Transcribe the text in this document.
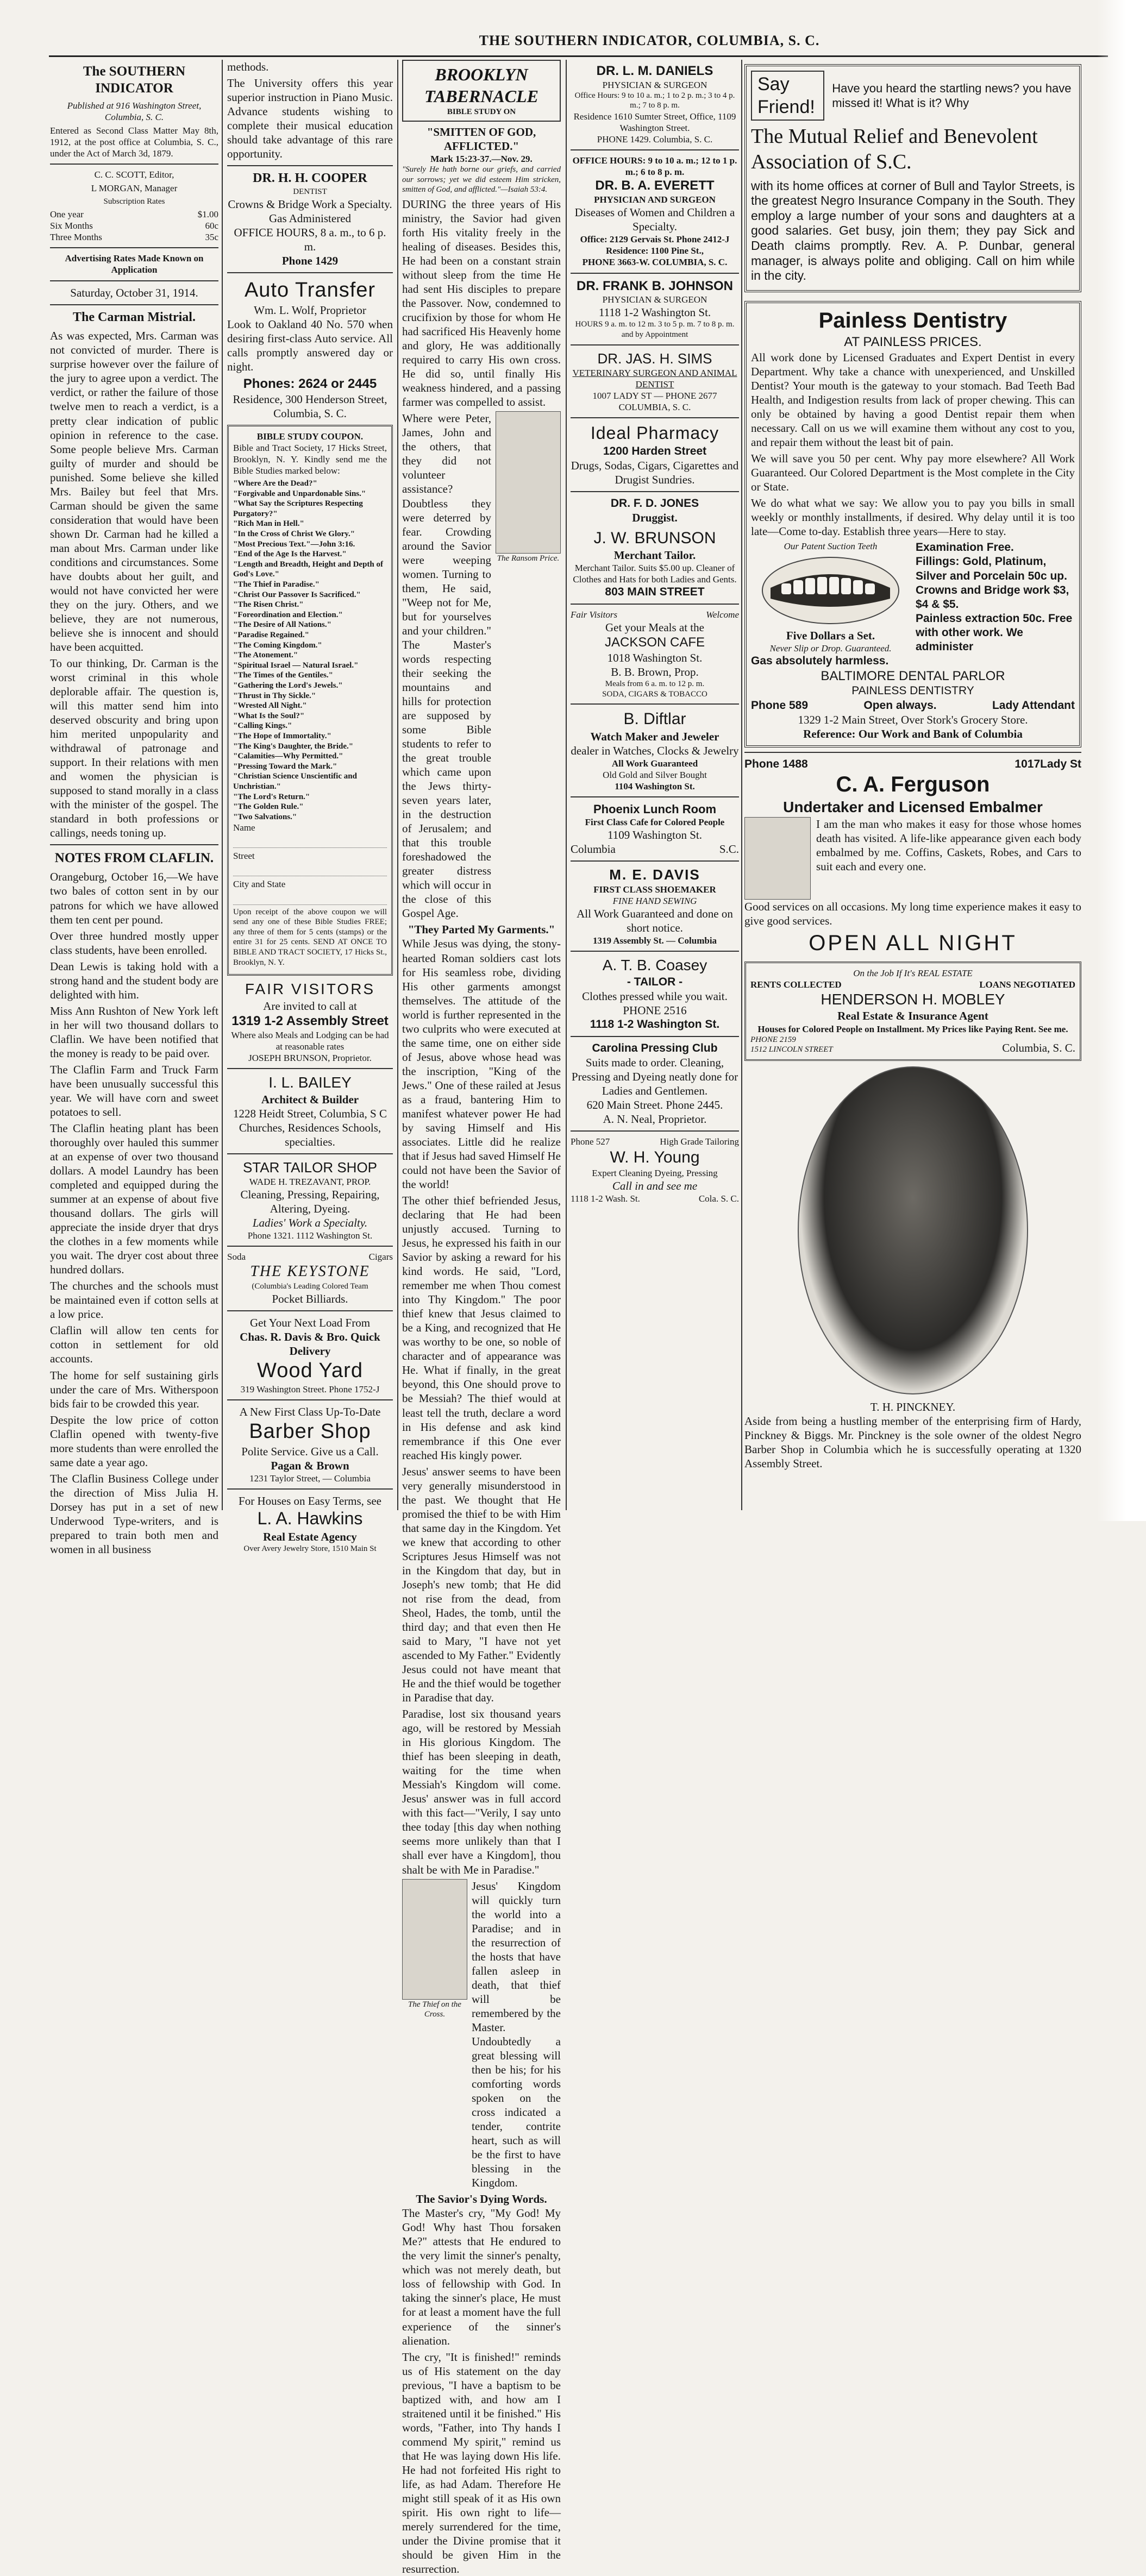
THE SOUTHERN INDICATOR, COLUMBIA, S. C.
The SOUTHERN INDICATOR

Published at 916 Washington Street, Columbia, S. C.

Entered as Second Class Matter May 8th, 1912, at the post office at Columbia, S. C., under the Act of March 3d, 1879.

C. C. SCOTT, Editor,

L MORGAN, Manager

Subscription Rates

One year	$1.00
Six Months	60c
Three Months	35c

Advertising Rates Made Known on Application

Saturday, October 31, 1914.

The Carman Mistrial.

As was expected, Mrs. Carman was not convicted of murder. There is surprise however over the failure of the jury to agree upon a verdict. The verdict, or rather the failure of those twelve men to reach a verdict, is a pretty clear indication of public opinion in reference to the case. Some people believe Mrs. Carman guilty of murder and should be punished. Some believe she killed Mrs. Bailey but feel that Mrs. Carman should be given the same consideration that would have been shown Dr. Carman had he killed a man about Mrs. Carman under like conditions and circumstances. Some have doubts about her guilt, and would not have convicted her were they on the jury. Others, and we believe, they are not numerous, believe she is innocent and should have been acquitted.

To our thinking, Dr. Carman is the worst criminal in this whole deplorable affair. The question is, will this matter send him into deserved obscurity and bring upon him merited unpopularity and withdrawal of patronage and support. In their relations with men and women the physician is supposed to stand morally in a class with the minister of the gospel. The standard in both professions or callings, needs toning up.

NOTES FROM CLAFLIN.

Orangeburg, October 16,—We have two bales of cotton sent in by our patrons for which we have allowed them ten cent per pound.

Over three hundred mostly upper class students, have been enrolled.

Dean Lewis is taking hold with a strong hand and the student body are delighted with him.

Miss Ann Rushton of New York left in her will two thousand dollars to Claflin. We have been notified that the money is ready to be paid over.

The Claflin Farm and Truck Farm have been unusually successful this year. We will have corn and sweet potatoes to sell.

The Claflin heating plant has been thoroughly over hauled this summer at an expense of over two thousand dollars. A model Laundry has been completed and equipped during the summer at an expense of about five thousand dollars. The girls will appreciate the inside dryer that drys the clothes in a few moments while you wait. The dryer cost about three hundred dollars.

The churches and the schools must be maintained even if cotton sells at a low price.

Claflin will allow ten cents for cotton in settlement for old accounts.

The home for self sustaining girls under the care of Mrs. Witherspoon bids fair to be crowded this year.

Despite the low price of cotton Claflin opened with twenty-five more students than were enrolled the same date a year ago.

The Claflin Business College under the direction of Miss Julia H. Dorsey has put in a set of new Underwood Type-writers, and is prepared to train both men and women in all business

methods.

The University offers this year superior instruction in Piano Music. Advance students wishing to complete their musical education should take advantage of this rare opportunity.

DR. H. H. COOPER
DENTIST
Crowns & Bridge Work a Specialty. Gas Administered
OFFICE HOURS, 8 a. m., to 6 p. m.
Phone 1429
Auto Transfer
Wm. L. Wolf, Proprietor

Look to Oakland 40 No. 570 when desiring first-class Auto service. All calls promptly answered day or night.

Phones: 2624 or 2445
Residence, 300 Henderson Street, Columbia, S. C.
BIBLE STUDY COUPON.

Bible and Tract Society, 17 Hicks Street, Brooklyn, N. Y. Kindly send me the Bible Studies marked below:

"Where Are the Dead?"
"Forgivable and Unpardonable Sins."
"What Say the Scriptures Respecting Purgatory?"
"Rich Man in Hell."
"In the Cross of Christ We Glory."
"Most Precious Text."—John 3:16.
"End of the Age Is the Harvest."
"Length and Breadth, Height and Depth of God's Love."
"The Thief in Paradise."
"Christ Our Passover Is Sacrificed."
"The Risen Christ."
"Foreordination and Election."
"The Desire of All Nations."
"Paradise Regained."
"The Coming Kingdom."
"The Atonement."
"Spiritual Israel — Natural Israel."
"The Times of the Gentiles."
"Gathering the Lord's Jewels."
"Thrust in Thy Sickle."
"Wrested All Night."
"What Is the Soul?"
"Calling Kings."
"The Hope of Immortality."
"The King's Daughter, the Bride."
"Calamities—Why Permitted."
"Pressing Toward the Mark."
"Christian Science Unscientific and Unchristian."
"The Lord's Return."
"The Golden Rule."
"Two Salvations."
Name
Street
City and State

Upon receipt of the above coupon we will send any one of these Bible Studies FREE; any three of them for 5 cents (stamps) or the entire 31 for 25 cents. SEND AT ONCE TO BIBLE AND TRACT SOCIETY, 17 Hicks St., Brooklyn, N. Y.

FAIR VISITORS
Are invited to call at
1319 1-2 Assembly Street
Where also Meals and Lodging can be had at reasonable rates
JOSEPH BRUNSON, Proprietor.
I. L. BAILEY
Architect & Builder
1228 Heidt Street, Columbia, S C Churches, Residences Schools, specialties.
STAR TAILOR SHOP
WADE H. TREZAVANT, PROP.
Cleaning, Pressing, Repairing, Altering, Dyeing.
Ladies' Work a Specialty.
Phone 1321. 1112 Washington St.
Soda	Cigars
THE KEYSTONE
(Columbia's Leading Colored Team
Pocket Billiards.
Get Your Next Load From
Chas. R. Davis & Bro. Quick Delivery
Wood Yard
319 Washington Street. Phone 1752-J
A New First Class Up-To-Date
Barber Shop
Polite Service. Give us a Call.
Pagan & Brown
1231 Taylor Street, — Columbia
For Houses on Easy Terms, see
L. A. Hawkins
Real Estate Agency
Over Avery Jewelry Store, 1510 Main St
BROOKLYN TABERNACLE
BIBLE STUDY ON
"SMITTEN OF GOD, AFFLICTED."
Mark 15:23-37.—Nov. 29.

"Surely He hath borne our griefs, and carried our sorrows; yet we did esteem Him stricken, smitten of God, and afflicted."—Isaiah 53:4.

DURING the three years of His ministry, the Savior had given forth His vitality freely in the healing of diseases. Besides this, He had been on a constant strain without sleep from the time He had sent His disciples to prepare the Passover. Now, condemned to crucifixion by those for whom He had sacrificed His Heavenly home and glory, He was additionally required to carry His own cross. He did so, until finally His weakness hindered, and a passing farmer was compelled to assist.

Where were Peter, James, John and the others, that they did not volunteer assistance? Doubtless they were deterred by fear. Crowding around the Savior were weeping women. Turning to them, He said, "Weep not for Me, but for yourselves and your children." The Master's words respecting their seeking the mountains and hills for protection are supposed by some Bible students to refer to the great trouble which came upon the Jews thirty-seven years later, in the destruction of Jerusalem; and that this trouble foreshadowed the greater distress which will occur in the close of this Gospel Age.

The Ransom Price.
"They Parted My Garments."

While Jesus was dying, the stony-hearted Roman soldiers cast lots for His seamless robe, dividing His other garments amongst themselves. The attitude of the world is further represented in the two culprits who were executed at the same time, one on either side of Jesus, above whose head was the inscription, "King of the Jews." One of these railed at Jesus as a fraud, bantering Him to manifest whatever power He had by saving Himself and His associates. Little did he realize that if Jesus had saved Himself He could not have been the Savior of the world!

The other thief befriended Jesus, declaring that He had been unjustly accused. Turning to Jesus, he expressed his faith in our Savior by asking a reward for his kind words. He said, "Lord, remember me when Thou comest into Thy Kingdom." The poor thief knew that Jesus claimed to be a King, and recognized that He was worthy to be one, so noble of character and of appearance was He. What if finally, in the great beyond, this One should prove to be Messiah? The thief would at least tell the truth, declare a word in His defense and ask kind remembrance if this One ever reached His kingly power.

Jesus' answer seems to have been very generally misunderstood in the past. We thought that He promised the thief to be with Him that same day in the Kingdom. Yet we knew that according to other Scriptures Jesus Himself was not in the Kingdom that day, but in Joseph's new tomb; that He did not rise from the dead, from Sheol, Hades, the tomb, until the third day; and that even then He said to Mary, "I have not yet ascended to My Father." Evidently Jesus could not have meant that He and the thief would be together in Paradise that day.

Paradise, lost six thousand years ago, will be restored by Messiah in His glorious Kingdom. The thief has been sleeping in death, waiting for the time when Messiah's Kingdom will come. Jesus' answer was in full accord with this fact—"Verily, I say unto thee today [this day when nothing seems more unlikely than that I shall ever have a Kingdom], thou shalt be with Me in Paradise."

The Thief on the Cross.

Jesus' Kingdom will quickly turn the world into a Paradise; and in the resurrection of the hosts that have fallen asleep in death, that thief will be remembered by the Master. Undoubtedly a great blessing will then be his; for his comforting words spoken on the cross indicated a tender, contrite heart, such as will be the first to have blessing in the Kingdom.

The Savior's Dying Words.

The Master's cry, "My God! My God! Why hast Thou forsaken Me?" attests that He endured to the very limit the sinner's penalty, which was not merely death, but loss of fellowship with God. In taking the sinner's place, He must for at least a moment have the full experience of the sinner's alienation.

The cry, "It is finished!" reminds us of His statement on the day previous, "I have a baptism to be baptized with, and how am I straitened until it be finished." His words, "Father, into Thy hands I commend My spirit," remind us that He was laying down His life. He had not forfeited His right to life, as had Adam. Therefore He might still speak of it as His own spirit. His own right to life—merely surrendered for the time, under the Divine promise that it should be given Him in the resurrection.

DR. L. M. DANIELS
PHYSICIAN & SURGEON
Office Hours: 9 to 10 a. m.; 1 to 2 p. m.; 3 to 4 p. m.; 7 to 8 p. m.
Residence 1610 Sumter Street, Office, 1109 Washington Street.
PHONE 1429. Columbia, S. C.
OFFICE HOURS: 9 to 10 a. m.; 12 to 1 p. m.; 6 to 8 p. m.
DR. B. A. EVERETT
PHYSICIAN AND SURGEON
Diseases of Women and Children a Specialty.
Office: 2129 Gervais St. Phone 2412-J
Residence: 1100 Pine St.,
PHONE 3663-W. COLUMBIA, S. C.
DR. FRANK B. JOHNSON
PHYSICIAN & SURGEON
1118 1-2 Washington St.
HOURS 9 a. m. to 12 m. 3 to 5 p. m. 7 to 8 p. m. and by Appointment
DR. JAS. H. SIMS
VETERINARY SURGEON AND ANIMAL DENTIST
1007 LADY ST — PHONE 2677
COLUMBIA, S. C.
Ideal Pharmacy
1200 Harden Street
Drugs, Sodas, Cigars, Cigarettes and Drugist Sundries.
DR. F. D. JONES
Druggist.
J. W. BRUNSON
Merchant Tailor.
Merchant Tailor. Suits $5.00 up. Cleaner of Clothes and Hats for both Ladies and Gents.
803 MAIN STREET
Fair Visitors	Welcome
Get your Meals at the
JACKSON CAFE
1018 Washington St.
B. B. Brown, Prop.
Meals from 6 a. m. to 12 p. m.
SODA, CIGARS & TOBACCO
B. Diftlar
Watch Maker and Jeweler
dealer in Watches, Clocks & Jewelry
All Work Guaranteed
Old Gold and Silver Bought
1104 Washington St.
Phoenix Lunch Room
First Class Cafe for Colored People
1109 Washington St.
Columbia	S.C.
M. E. DAVIS
FIRST CLASS SHOEMAKER
FINE HAND SEWING
All Work Guaranteed and done on short notice.
1319 Assembly St. — Columbia
A. T. B. Coasey
- TAILOR -
Clothes pressed while you wait. PHONE 2516
1118 1-2 Washington St.
Carolina Pressing Club
Suits made to order. Cleaning, Pressing and Dyeing neatly done for Ladies and Gentlemen.
620 Main Street. Phone 2445.
A. N. Neal, Proprietor.
Phone 527	High Grade Tailoring
W. H. Young
Expert Cleaning Dyeing, Pressing
Call in and see me
1118 1-2 Wash. St.	Cola. S. C.
Say Friend!
Have you heard the startling news? you have missed it! What is it? Why
The Mutual Relief and Benevolent Association of S.C.

with its home offices at corner of Bull and Taylor Streets, is the greatest Negro Insurance Company in the South. They employ a large number of your sons and daughters at a good salaries. Get busy, join them; they pay Sick and Death claims promptly. Rev. A. P. Dunbar, general manager, is always polite and obliging. Call on him while in the city.

Painless Dentistry
AT PAINLESS PRICES.

All work done by Licensed Graduates and Expert Dentist in every Department. Why take a chance with unexperienced, and Unskilled Dentist? Your mouth is the gateway to your stomach. Bad Teeth Bad Health, and Indigestion results from lack of proper chewing. This can only be obtained by having a good Dentist repair them when necessary. Call on us we will examine them without any cost to you, and repair them without the least bit of pain.

We will save you 50 per cent. Why pay more elsewhere? All Work Guaranteed. Our Colored Department is the Most complete in the City or State.

We do what what we say: We allow you to pay you bills in small weekly or monthly installments, if desired. Why delay until it is too late—Come to-day. Establish three years—Here to stay.

Our Patent Suction Teeth
Five Dollars a Set.
Never Slip or Drop. Guaranteed.
Examination Free.
Fillings: Gold, Platinum, Silver and Porcelain 50c up.
Crowns and Bridge work $3, $4 & $5.
Painless extraction 50c. Free with other work. We administer
Gas absolutely harmless.
BALTIMORE DENTAL PARLOR
PAINLESS DENTISTRY
Phone 589	Open always.	Lady Attendant
1329 1-2 Main Street, Over Stork's Grocery Store.
Reference: Our Work and Bank of Columbia
Phone 1488	1017Lady St
C. A. Ferguson
Undertaker and Licensed Embalmer

I am the man who makes it easy for those whose homes death has visited. A life-like appearance given each body embalmed by me. Coffins, Caskets, Robes, and Cars to suit each and every one.

Good services on all occasions. My long time experience makes it easy to give good services.

OPEN ALL NIGHT
On the Job If It's REAL ESTATE
RENTS COLLECTED	LOANS NEGOTIATED
HENDERSON H. MOBLEY
Real Estate & Insurance Agent
Houses for Colored People on Installment. My Prices like Paying Rent. See me.
PHONE 2159
1512 LINCOLN STREET	Columbia, S. C.
T. H. PINCKNEY.

Aside from being a hustling member of the enterprising firm of Hardy, Pinckney & Biggs. Mr. Pinckney is the sole owner of the oldest Negro Barber Shop in Columbia which he is successfully operating at 1320 Assembly Street.
